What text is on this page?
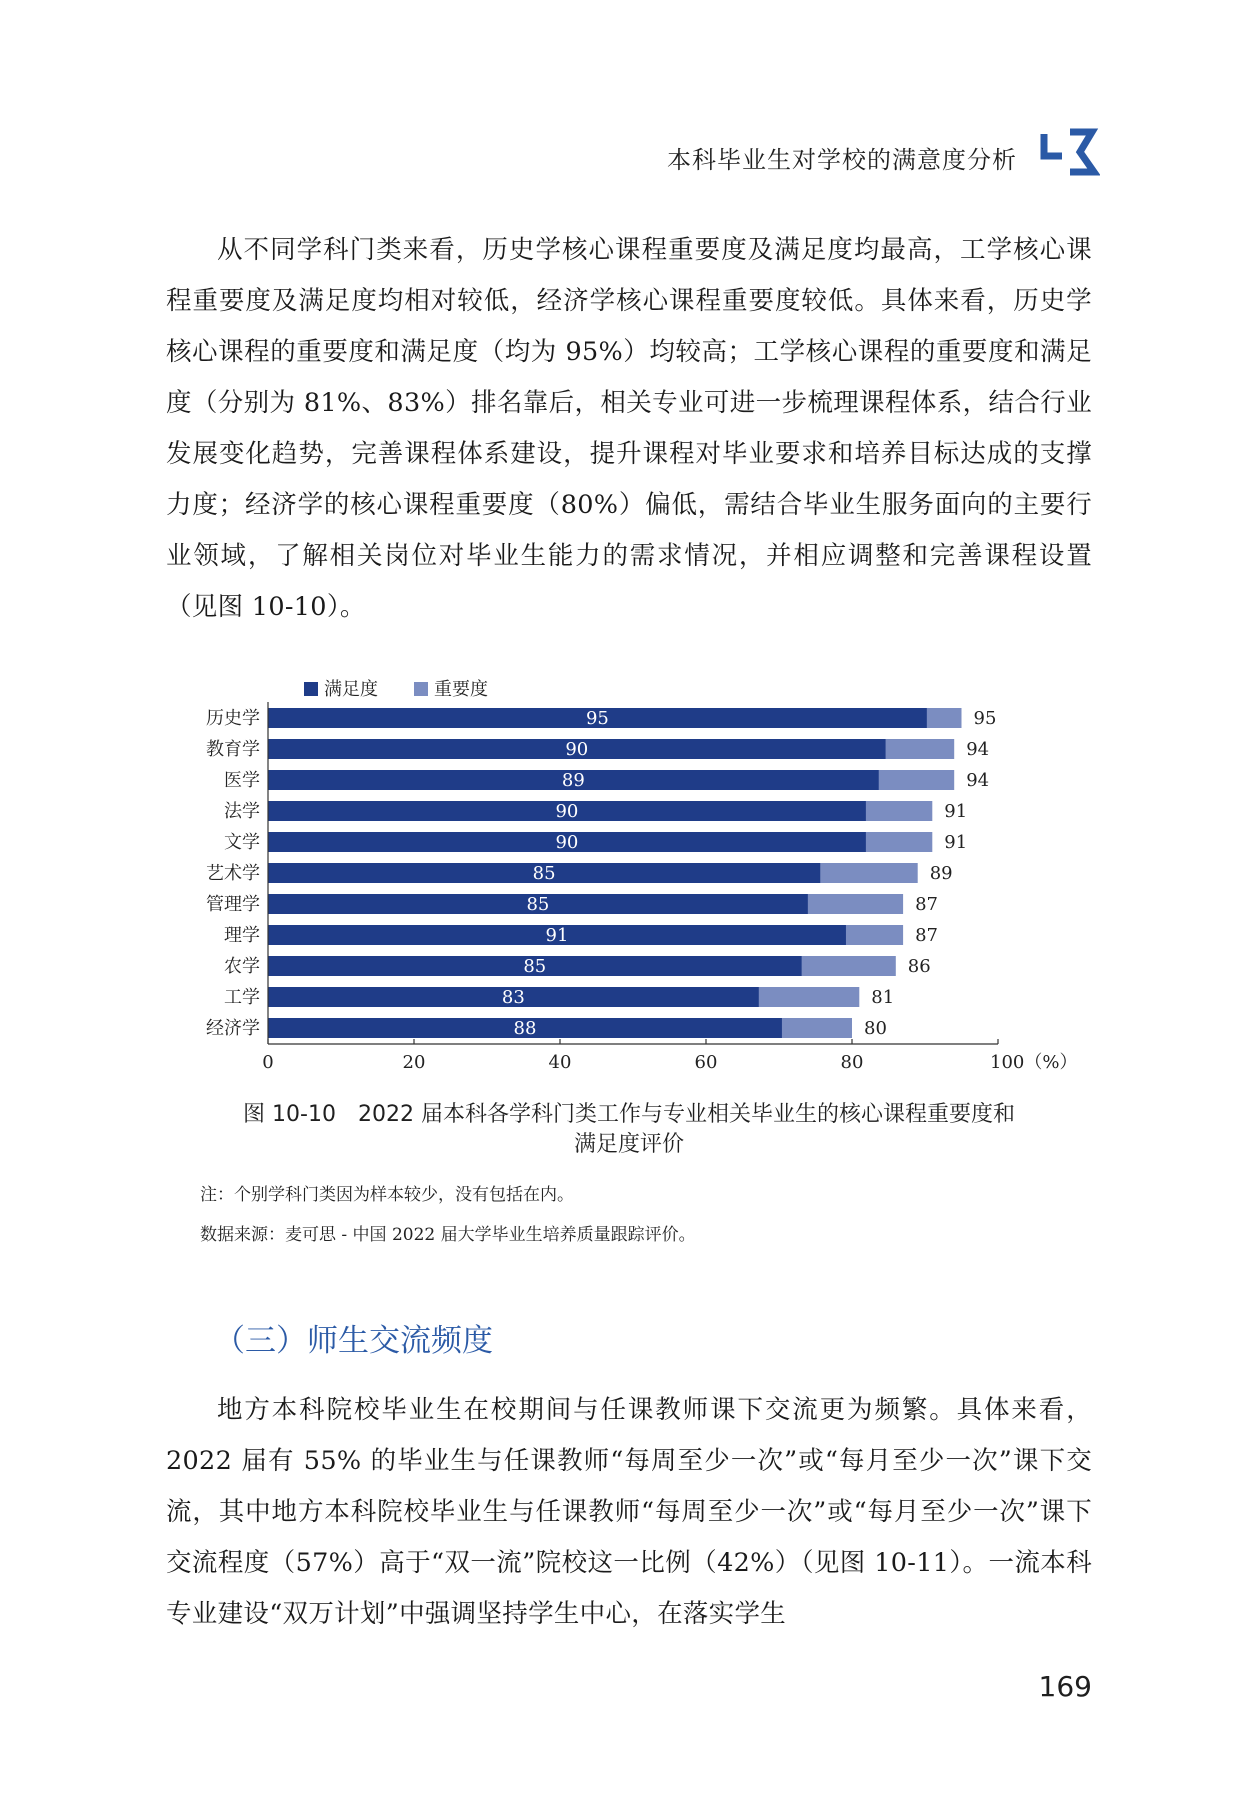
本科毕业生对学校的满意度分析

从不同学科门类来看，历史学核心课程重要度及满足度均最高，工学核心课程重要度及满足度均相对较低，经济学核心课程重要度较低。具体来看，历史学核心课程的重要度和满足度（均为 95%）均较高；工学核心课程的重要度和满足度（分别为 81%、83%）排名靠后，相关专业可进一步梳理课程体系，结合行业发展变化趋势，完善课程体系建设，提升课程对毕业要求和培养目标达成的支撑力度；经济学的核心课程重要度（80%）偏低，需结合毕业生服务面向的主要行业领域，了解相关岗位对毕业生能力的需求情况，并相应调整和完善课程设置（见图 10-10）。

满足度	重要度
历史学	95	95
教育学	90	94
医学	89	94
法学	90	91
文学	90	91
艺术学	85	89
管理学	85	87
理学	91	87
农学	85	86
工学	83	81
经济学	88	80
0	20	40	60	80	100（%）
图 10-10　2022 届本科各学科门类工作与专业相关毕业生的核心课程重要度和
满足度评价
注：个别学科门类因为样本较少，没有包括在内。
数据来源：麦可思 - 中国 2022 届大学毕业生培养质量跟踪评价。
（三）师生交流频度

地方本科院校毕业生在校期间与任课教师课下交流更为频繁。具体来看，2022 届有 55% 的毕业生与任课教师“每周至少一次”或“每月至少一次”课下交流，其中地方本科院校毕业生与任课教师“每周至少一次”或“每月至少一次”课下交流程度（57%）高于“双一流”院校这一比例（42%）（见图 10-11）。一流本科专业建设“双万计划”中强调坚持学生中心，在落实学生

169
